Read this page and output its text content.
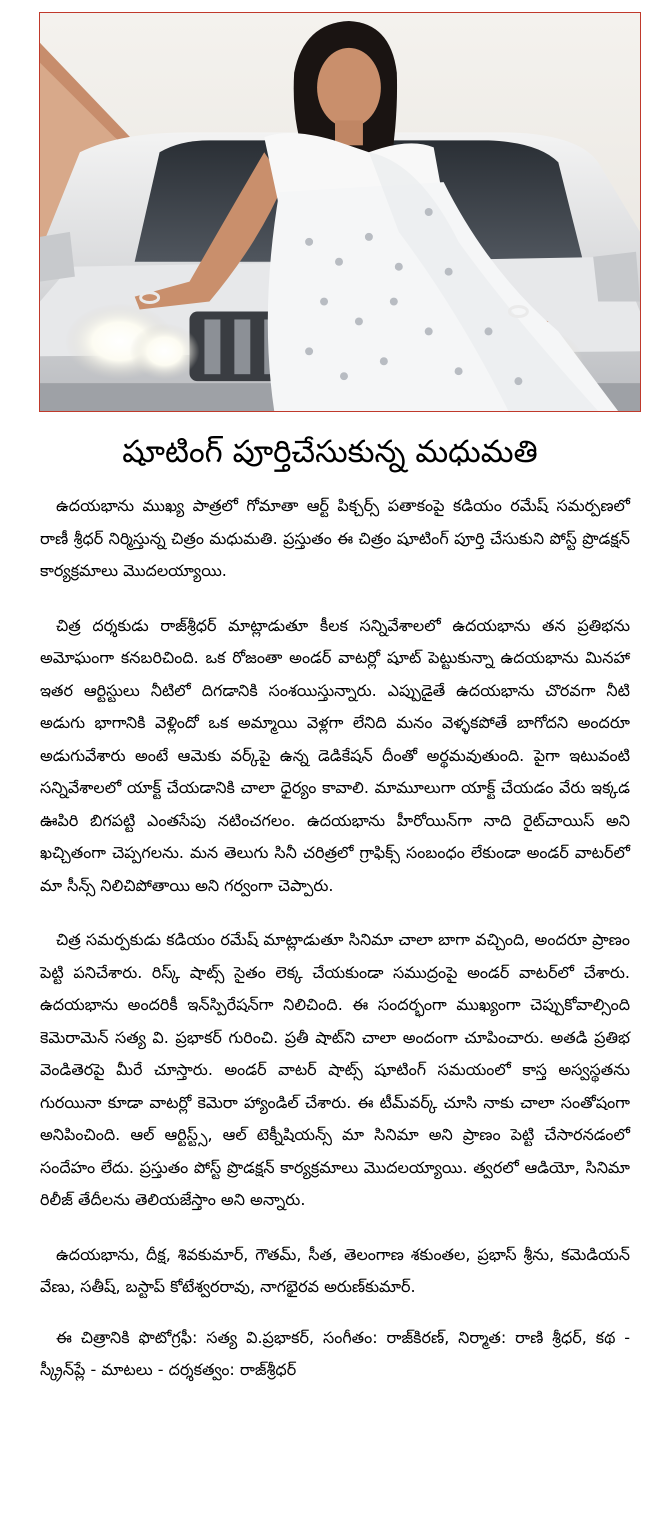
షూటింగ్ పూర్తిచేసుకున్న మధుమతి

ఉదయభాను ముఖ్య పాత్రలో గోమాతా ఆర్ట్ పిక్చర్స్ పతాకంపై కడియం రమేష్ సమర్పణలో రాణీ శ్రీధర్ నిర్మిస్తున్న చిత్రం మధుమతి. ప్రస్తుతం ఈ చిత్రం షూటింగ్ పూర్తి చేసుకుని పోస్ట్ ప్రొడక్షన్ కార్యక్రమాలు మొదలయ్యాయి.

చిత్ర దర్శకుడు రాజ్‌శ్రీధర్ మాట్లాడుతూ కీలక సన్నివేశాలలో ఉదయభాను తన ప్రతిభను అమోఘంగా కనబరిచింది. ఒక రోజంతా అండర్ వాటర్లో షూట్ పెట్టుకున్నా ఉదయభాను మినహా ఇతర ఆర్టిస్టులు నీటిలో దిగడానికి సంశయిస్తున్నారు. ఎప్పుడైతే ఉదయభాను చొరవగా నీటి అడుగు భాగానికి వెళ్లిందో ఒక అమ్మాయి వెళ్లగా లేనిది మనం వెళ్ళకపోతే బాగోదని అందరూ అడుగువేశారు అంటే ఆమెకు వర్క్‌పై ఉన్న డెడికేషన్ దీంతో అర్థమవుతుంది. పైగా ఇటువంటి సన్నివేశాలలో యాక్ట్ చేయడానికి చాలా ధైర్యం కావాలి. మామూలుగా యాక్ట్ చేయడం వేరు ఇక్కడ ఊపిరి బిగపట్టి ఎంతసేపు నటించగలం. ఉదయభాను హీరోయిన్‌గా నాది రైట్‌చాయిస్ అని ఖచ్చితంగా చెప్పగలను. మన తెలుగు సినీ చరిత్రలో గ్రాఫిక్స్ సంబంధం లేకుండా అండర్ వాటర్‌లో మా సీన్స్ నిలిచిపోతాయి అని గర్వంగా చెప్పారు.

చిత్ర సమర్పకుడు కడియం రమేష్ మాట్లాడుతూ సినిమా చాలా బాగా వచ్చింది, అందరూ ప్రాణం పెట్టి పనిచేశారు. రిస్క్ షాట్స్ సైతం లెక్క చేయకుండా సముద్రంపై అండర్ వాటర్‌లో చేశారు. ఉదయభాను అందరికీ ఇన్‌స్పిరేషన్‌గా నిలిచింది. ఈ సందర్భంగా ముఖ్యంగా చెప్పుకోవాల్సింది కెమెరామెన్ సత్య వి. ప్రభాకర్ గురించి. ప్రతీ షాట్‌ని చాలా అందంగా చూపించారు. అతడి ప్రతిభ వెండితెరపై మీరే చూస్తారు. అండర్ వాటర్ షాట్స్ షూటింగ్ సమయంలో కాస్త అస్వస్థతను గురయినా కూడా వాటర్లో కెమెరా హ్యాండిల్ చేశారు. ఈ టీమ్‌వర్క్ చూసి నాకు చాలా సంతోషంగా అనిపించింది. ఆల్ ఆర్టిస్ట్స్, ఆల్ టెక్నీషియన్స్ మా సినిమా అని ప్రాణం పెట్టి చేసారనడంలో సందేహం లేదు. ప్రస్తుతం పోస్ట్ ప్రొడక్షన్ కార్యక్రమాలు మొదలయ్యాయి. త్వరలో ఆడియో, సినిమా రిలీజ్ తేదీలను తెలియజేస్తాం అని అన్నారు.

ఉదయభాను, దీక్ష, శివకుమార్, గౌతమ్, సీత, తెలంగాణ శకుంతల, ప్రభాస్ శ్రీను, కమెడియన్ వేణు, సతీష్, బస్టాప్ కోటేశ్వరరావు, నాగభైరవ అరుణ్‌కుమార్.

ఈ చిత్రానికి ఫొటోగ్రఫీ: సత్య వి.ప్రభాకర్, సంగీతం: రాజ్‌కిరణ్, నిర్మాత: రాణి శ్రీధర్, కథ - స్క్రీన్‌ప్లే - మాటలు - దర్శకత్వం: రాజ్‌శ్రీధర్
